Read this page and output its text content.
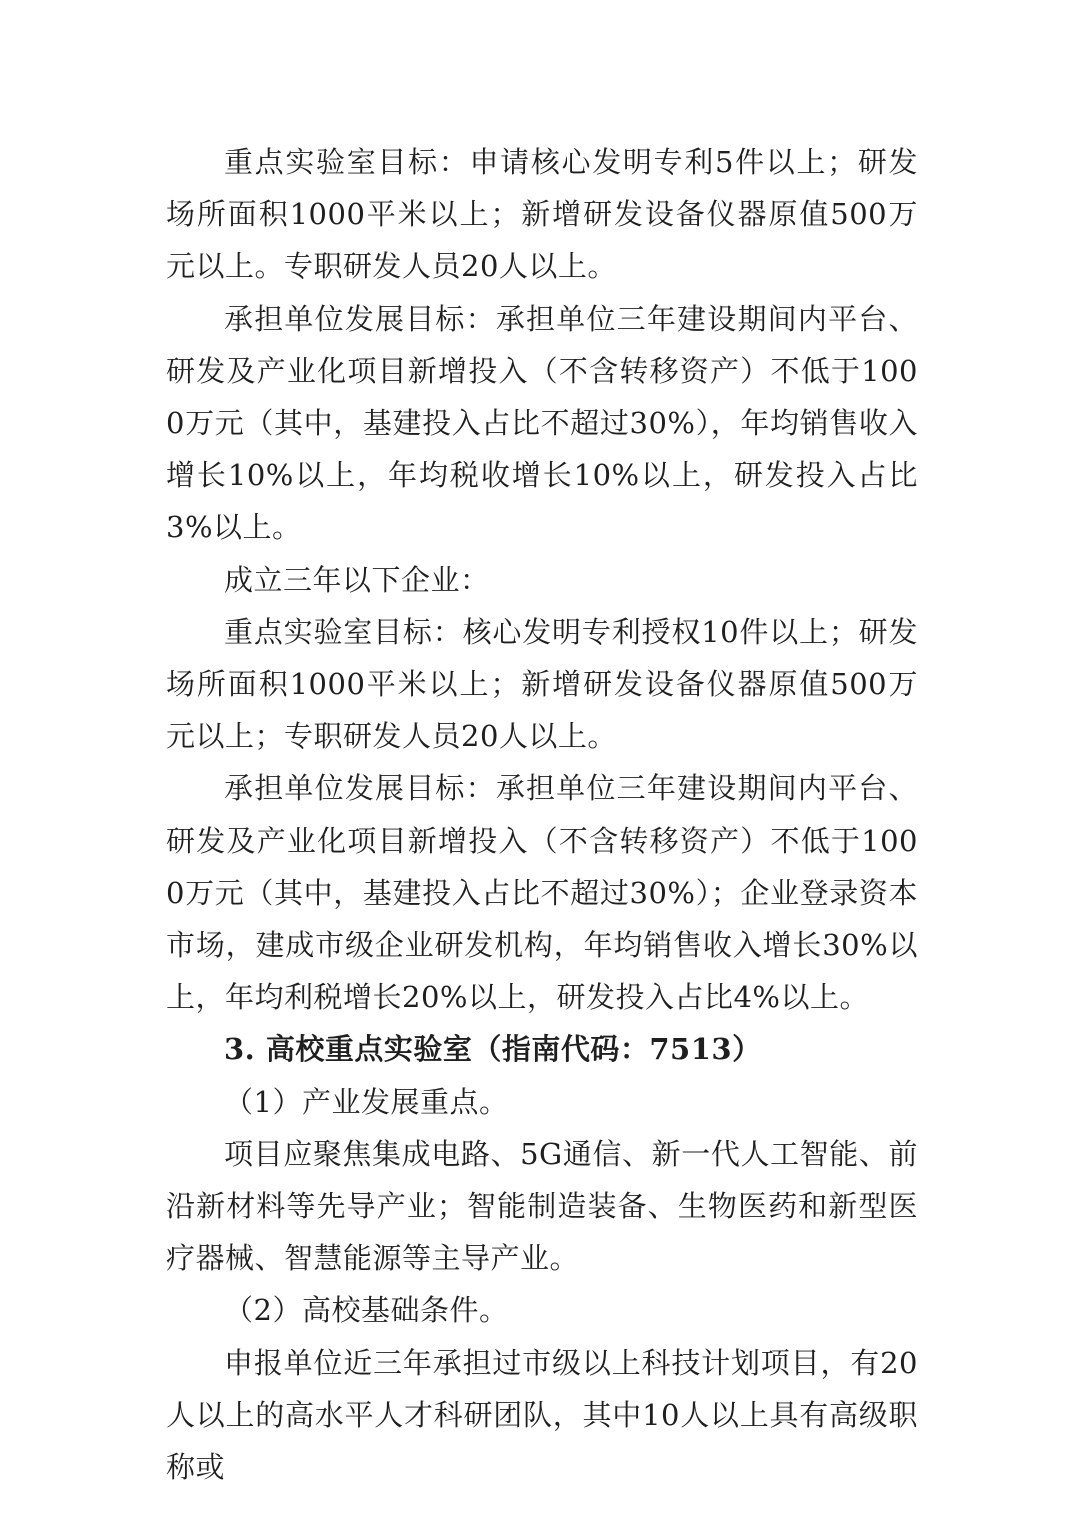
重点实验室目标：申请核心发明专利5件以上；研发场所面积1000平米以上；新增研发设备仪器原值500万元以上。专职研发人员20人以上。

承担单位发展目标：承担单位三年建设期间内平台、研发及产业化项目新增投入（不含转移资产）不低于1000万元（其中，基建投入占比不超过30%），年均销售收入增长10%以上，年均税收增长10%以上，研发投入占比3%以上。

成立三年以下企业：

重点实验室目标：核心发明专利授权10件以上；研发场所面积1000平米以上；新增研发设备仪器原值500万元以上；专职研发人员20人以上。

承担单位发展目标：承担单位三年建设期间内平台、研发及产业化项目新增投入（不含转移资产）不低于1000万元（其中，基建投入占比不超过30%）；企业登录资本市场，建成市级企业研发机构，年均销售收入增长30%以上，年均利税增长20%以上，研发投入占比4%以上。

3. 高校重点实验室（指南代码：7513）

（1）产业发展重点。

项目应聚焦集成电路、5G通信、新一代人工智能、前沿新材料等先导产业；智能制造装备、生物医药和新型医疗器械、智慧能源等主导产业。

（2）高校基础条件。

申报单位近三年承担过市级以上科技计划项目，有20人以上的高水平人才科研团队，其中10人以上具有高级职称或
